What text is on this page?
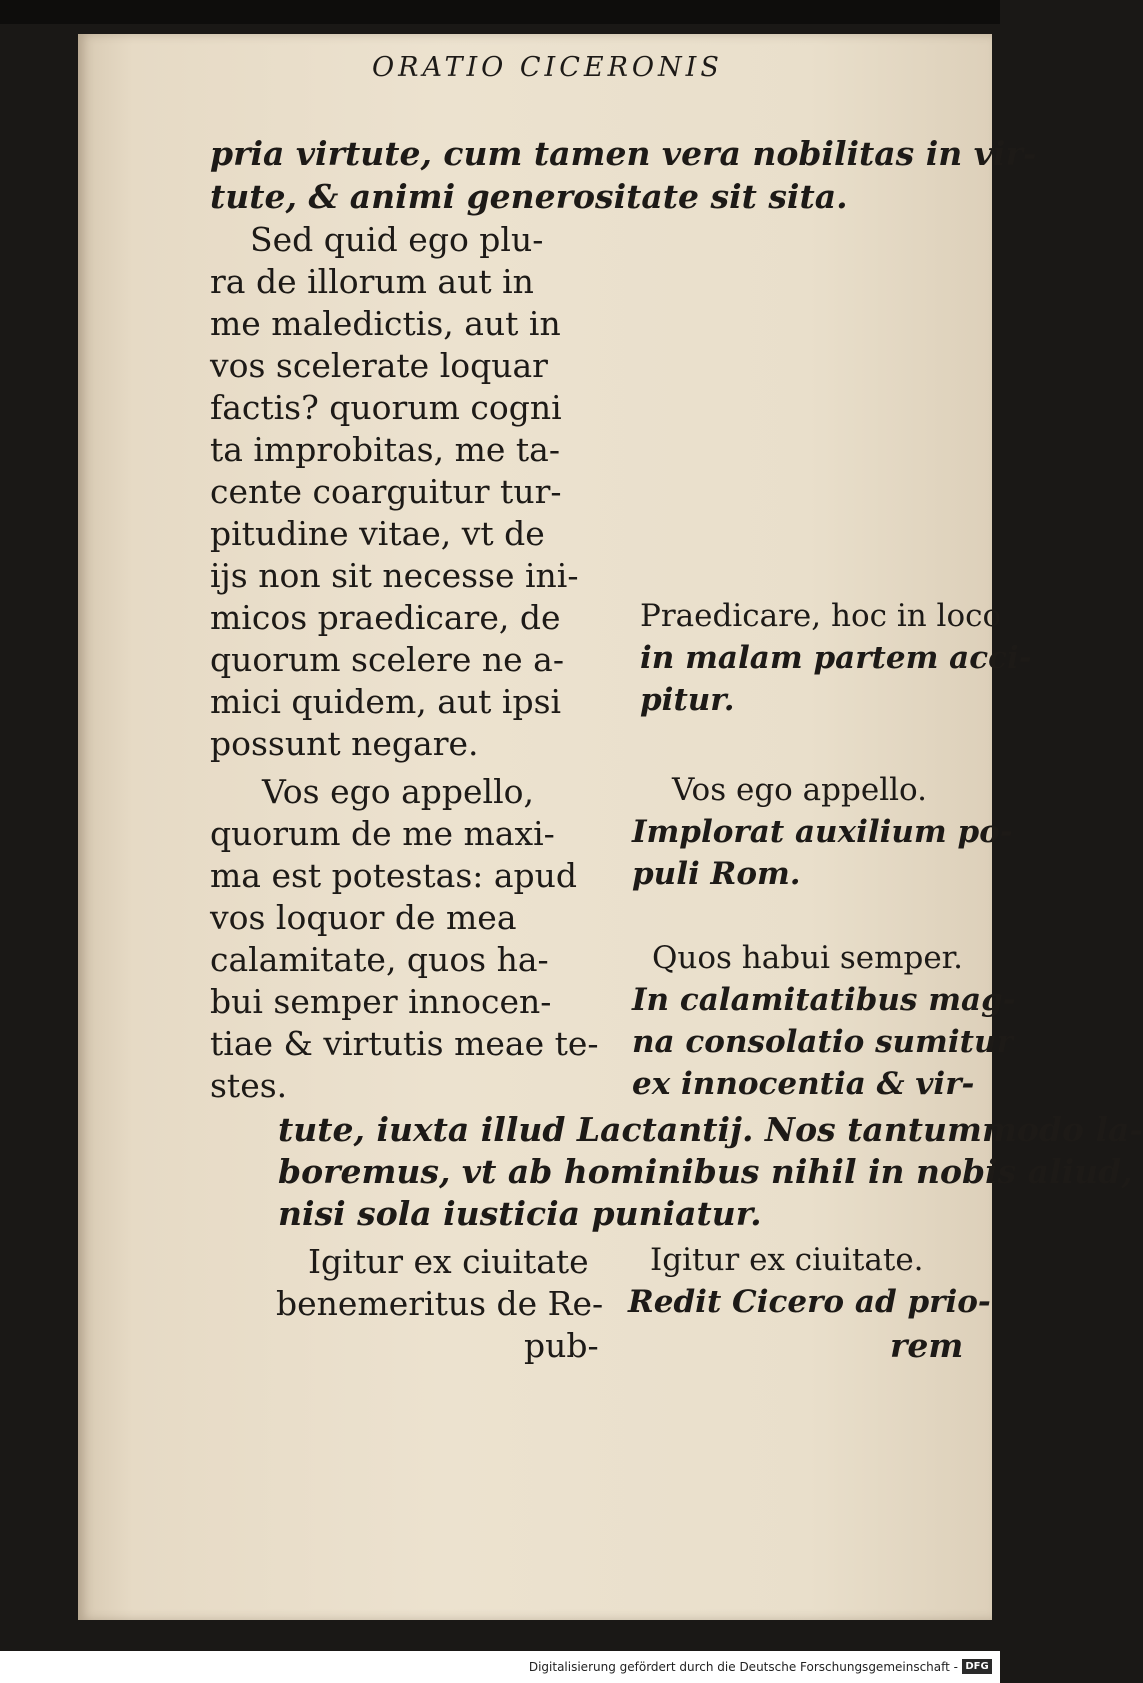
ORATIO CICERONIS
pria virtute, cum tamen vera nobilitas in vir-
tute, & animi generositate sit sita.
Sed quid ego plu-
ra de illorum aut in
me maledictis, aut in
vos scelerate loquar
factis? quorum cogni
ta improbitas, me ta-
cente coarguitur tur-
pitudine vitae, vt de
ijs non sit necesse ini-
micos praedicare, de
quorum scelere ne a-
mici quidem, aut ipsi
possunt negare.
Vos ego appello,
quorum de me maxi-
ma est potestas: apud
vos loquor de mea
calamitate, quos ha-
bui semper innocen-
tiae & virtutis meae te-
stes.
Praedicare, hoc in loco
in malam partem acci-
pitur.
Vos ego appello.
Implorat auxilium po-
puli Rom.
Quos habui semper.
In calamitatibus mag-
na consolatio sumitur
ex innocentia & vir-
tute, iuxta illud Lactantij. Nos tantummodo la-
boremus, vt ab hominibus nihil in nobis aliud,
nisi sola iusticia puniatur.
Igitur ex ciuitate
benemeritus de Re-
Igitur ex ciuitate.
Redit Cicero ad prio-
pub-	rem
Digitalisierung gefördert durch die Deutsche Forschungsgemeinschaft - DFG
